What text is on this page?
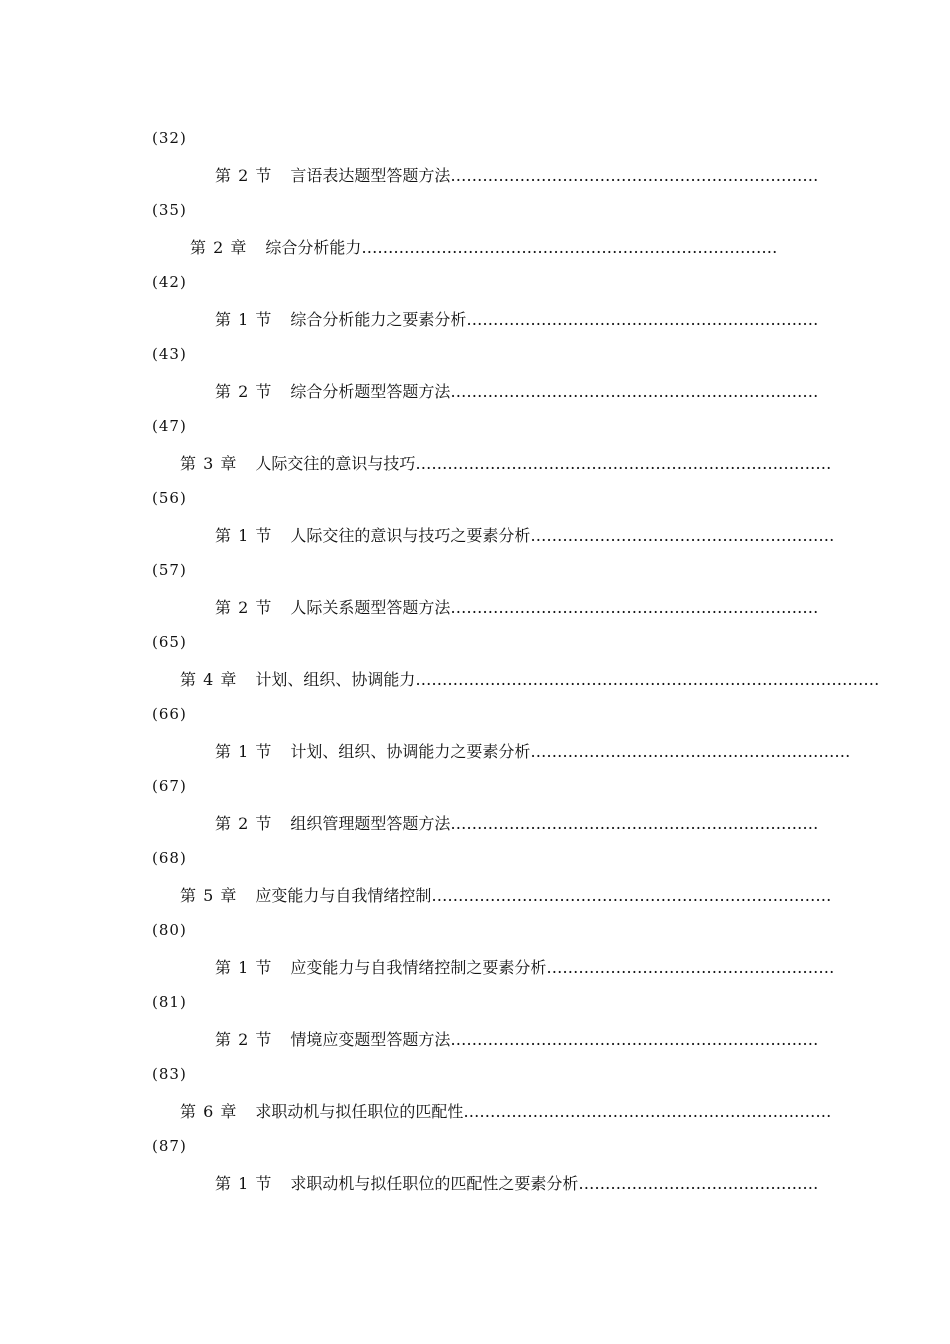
(32)
第 2 节 言语表达题型答题方法……………………………………………………………
(35)
第 2 章 综合分析能力……………………………………………………………………
(42)
第 1 节 综合分析能力之要素分析…………………………………………………………
(43)
第 2 节 综合分析题型答题方法……………………………………………………………
(47)
第 3 章 人际交往的意识与技巧……………………………………………………………………
(56)
第 1 节 人际交往的意识与技巧之要素分析…………………………………………………
(57)
第 2 节 人际关系题型答题方法……………………………………………………………
(65)
第 4 章 计划、组织、协调能力……………………………………………………………………………
(66)
第 1 节 计划、组织、协调能力之要素分析……………………………………………………
(67)
第 2 节 组织管理题型答题方法……………………………………………………………
(68)
第 5 章 应变能力与自我情绪控制…………………………………………………………………
(80)
第 1 节 应变能力与自我情绪控制之要素分析………………………………………………
(81)
第 2 节 情境应变题型答题方法……………………………………………………………
(83)
第 6 章 求职动机与拟任职位的匹配性……………………………………………………………
(87)
第 1 节 求职动机与拟任职位的匹配性之要素分析………………………………………
